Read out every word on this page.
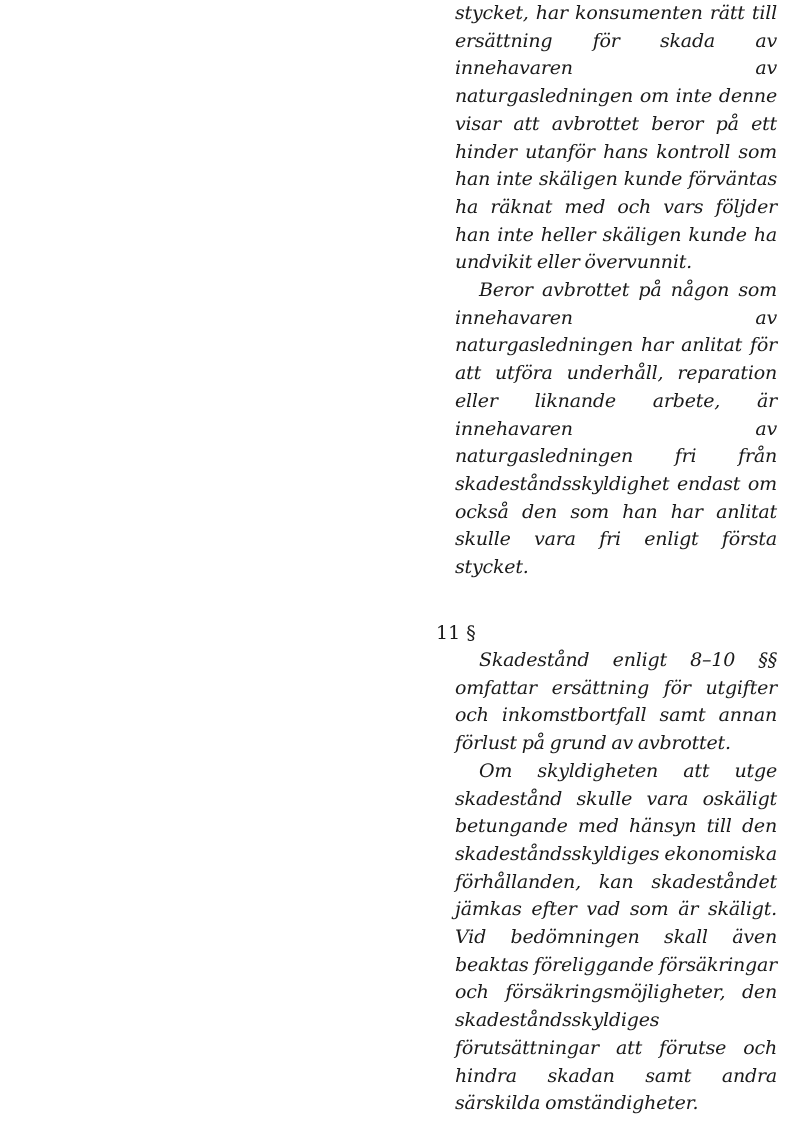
stycket, har konsumenten rätt till ersättning för skada av innehavaren av naturgasledningen om inte denne visar att avbrottet beror på ett hinder utanför hans kontroll som han inte skäligen kunde förväntas ha räknat med och vars följder han inte heller skäligen kunde ha undvikit eller övervunnit.

Beror avbrottet på någon som innehavaren av naturgasledningen har anlitat för att utföra underhåll, reparation eller liknande arbete, är innehavaren av naturgasledningen fri från skadeståndsskyldighet endast om också den som han har anlitat skulle vara fri enligt första stycket.

11 §

Skadestånd enligt 8–10 §§ omfattar ersättning för utgifter och inkomstbortfall samt annan förlust på grund av avbrottet.

Om skyldigheten att utge skadestånd skulle vara oskäligt betungande med hänsyn till den skadeståndsskyldiges ekonomiska förhållanden, kan skadeståndet jämkas efter vad som är skäligt. Vid bedömningen skall även beaktas föreliggande försäkringar och försäkringsmöjligheter, den skadeståndsskyldiges förutsättningar att förutse och hindra skadan samt andra särskilda omständigheter.
